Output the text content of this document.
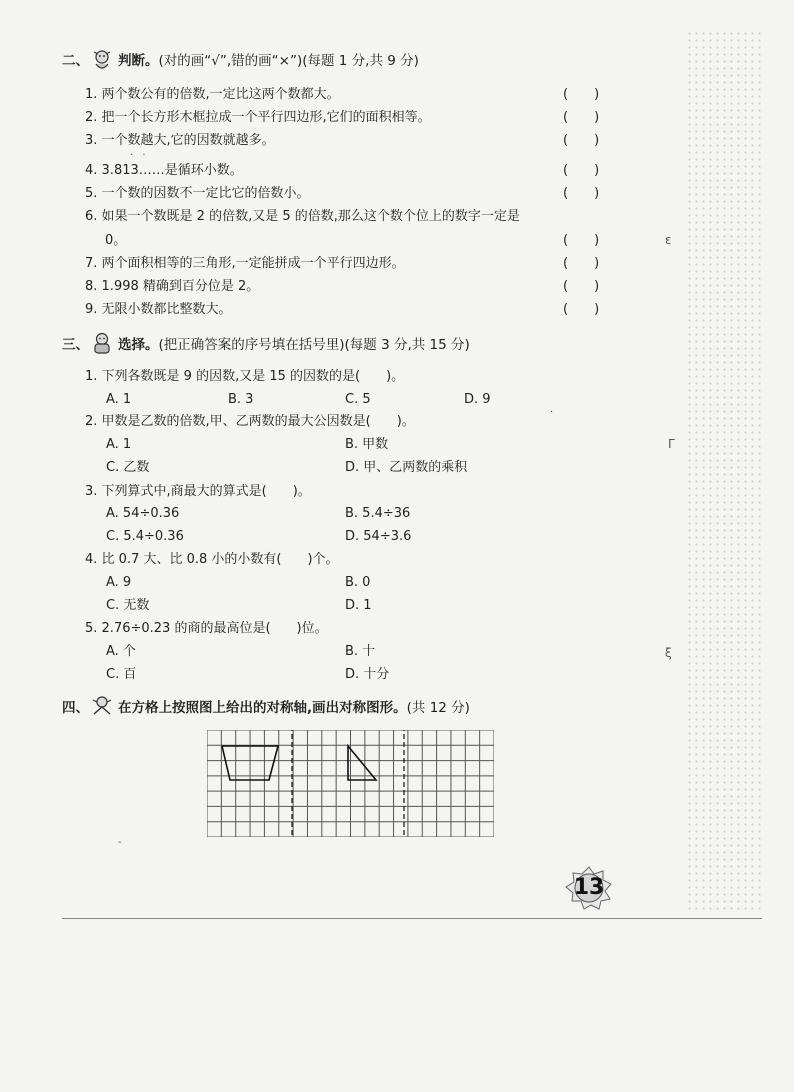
ε
Γ
ξ
二、 判断。(对的画“√”,错的画“×”)(每题 1 分,共 9 分)
1. 两个数公有的倍数,一定比这两个数都大。	(　　)
2. 把一个长方形木框拉成一个平行四边形,它们的面积相等。	(　　)
3. 一个数越大,它的因数就越多。	(　　)
· ·
4. 3.813……是循环小数。	(　　)
5. 一个数的因数不一定比它的倍数小。	(　　)
6. 如果一个数既是 2 的倍数,又是 5 的倍数,那么这个数个位上的数字一定是
0。	(　　)
7. 两个面积相等的三角形,一定能拼成一个平行四边形。	(　　)
8. 1.998 精确到百分位是 2。	(　　)
9. 无限小数都比整数大。	(　　)
三、 选择。(把正确答案的序号填在括号里)(每题 3 分,共 15 分)
1. 下列各数既是 9 的因数,又是 15 的因数的是(　　)。
A. 1	B. 3	C. 5	D. 9
2. 甲数是乙数的倍数,甲、乙两数的最大公因数是(　　)。
A. 1	B. 甲数
C. 乙数	D. 甲、乙两数的乘积
3. 下列算式中,商最大的算式是(　　)。
A. 54÷0.36	B. 5.4÷36
C. 5.4÷0.36	D. 54÷3.6
4. 比 0.7 大、比 0.8 小的小数有(　　)个。
A. 9	B. 0
C. 无数	D. 1
5. 2.76÷0.23 的商的最高位是(　　)位。
A. 个	B. 十
C. 百	D. 十分
四、 在方格上按照图上给出的对称轴,画出对称图形。(共 12 分)
‐
·
13
